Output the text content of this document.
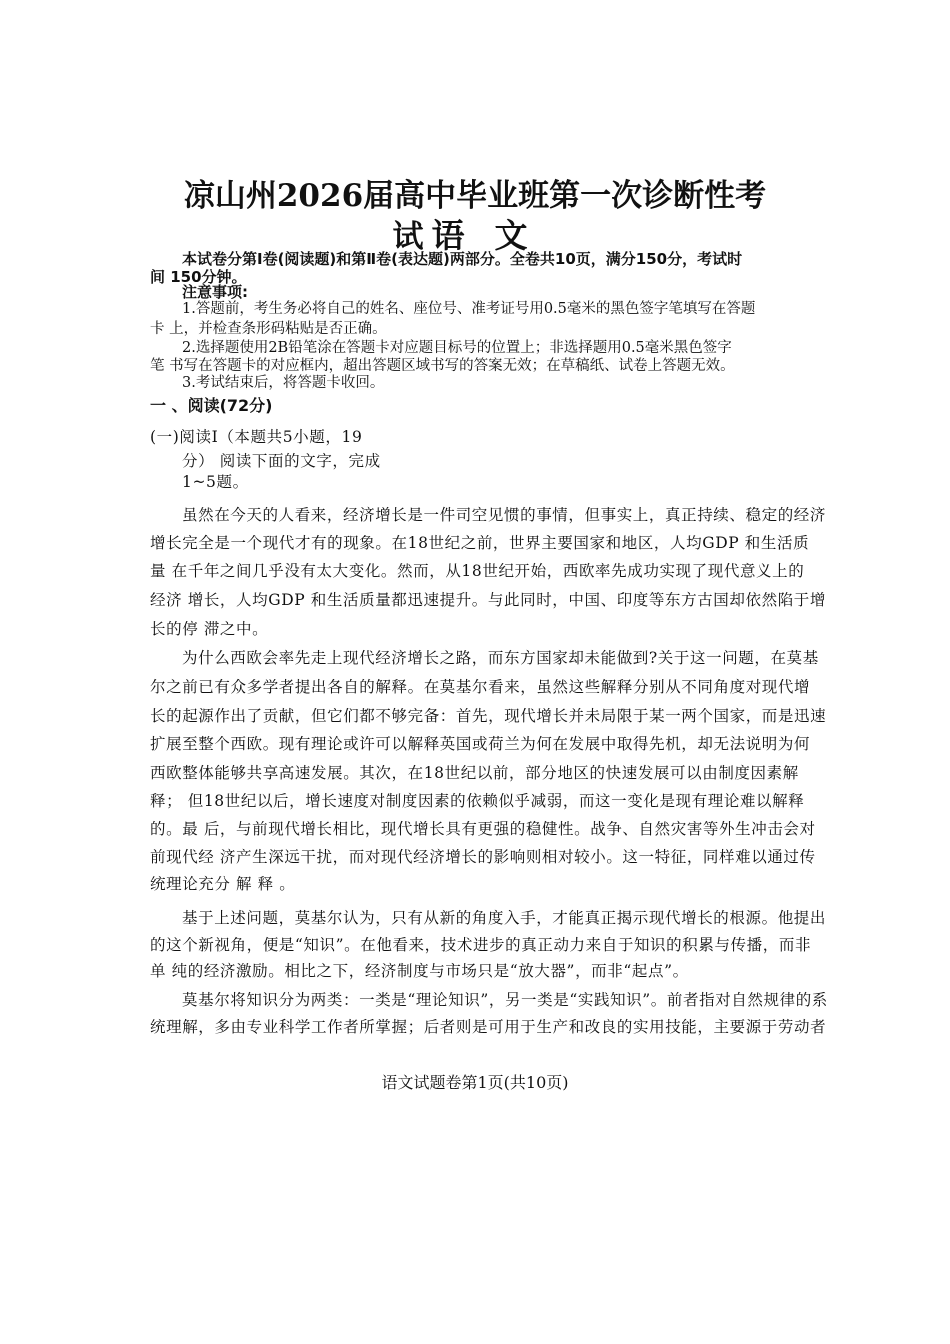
凉山州2026届高中毕业班第一次诊断性考
试 语文
本试卷分第Ⅰ卷(阅读题)和第Ⅱ卷(表达题)两部分。全卷共10页，满分150分，考试时
间 150分钟。
注意事项:
1.答题前，考生务必将自己的姓名、座位号、准考证号用0.5毫米的黑色签字笔填写在答题
卡 上，并检查条形码粘贴是否正确。
2.选择题使用2B铅笔涂在答题卡对应题目标号的位置上；非选择题用0.5毫米黑色签字
笔 书写在答题卡的对应框内，超出答题区域书写的答案无效；在草稿纸、试卷上答题无效。
3.考试结束后，将答题卡收回。
一 、阅读(72分)
(一)阅读Ⅰ（本题共5小题，19
分） 阅读下面的文字，完成
1~5题。
虽然在今天的人看来，经济增长是一件司空见惯的事情，但事实上，真正持续、稳定的经济
增长完全是一个现代才有的现象。在18世纪之前，世界主要国家和地区，人均GDP 和生活质
量 在千年之间几乎没有太大变化。然而，从18世纪开始，西欧率先成功实现了现代意义上的
经济 增长，人均GDP 和生活质量都迅速提升。与此同时，中国、印度等东方古国却依然陷于增
长的停 滞之中。
为什么西欧会率先走上现代经济增长之路，而东方国家却未能做到?关于这一问题，在莫基
尔之前已有众多学者提出各自的解释。在莫基尔看来，虽然这些解释分别从不同角度对现代增
长的起源作出了贡献，但它们都不够完备：首先，现代增长并未局限于某一两个国家，而是迅速
扩展至整个西欧。现有理论或许可以解释英国或荷兰为何在发展中取得先机，却无法说明为何
西欧整体能够共享高速发展。其次，在18世纪以前，部分地区的快速发展可以由制度因素解
释； 但18世纪以后，增长速度对制度因素的依赖似乎减弱，而这一变化是现有理论难以解释
的。最 后，与前现代增长相比，现代增长具有更强的稳健性。战争、自然灾害等外生冲击会对
前现代经 济产生深远干扰，而对现代经济增长的影响则相对较小。这一特征，同样难以通过传
统理论充分 解 释 。
基于上述问题，莫基尔认为，只有从新的角度入手，才能真正揭示现代增长的根源。他提出
的这个新视角，便是“知识”。在他看来，技术进步的真正动力来自于知识的积累与传播，而非
单 纯的经济激励。相比之下，经济制度与市场只是“放大器”，而非“起点”。
莫基尔将知识分为两类：一类是“理论知识”，另一类是“实践知识”。前者指对自然规律的系
统理解，多由专业科学工作者所掌握；后者则是可用于生产和改良的实用技能，主要源于劳动者
语文试题卷第1页(共10页)
